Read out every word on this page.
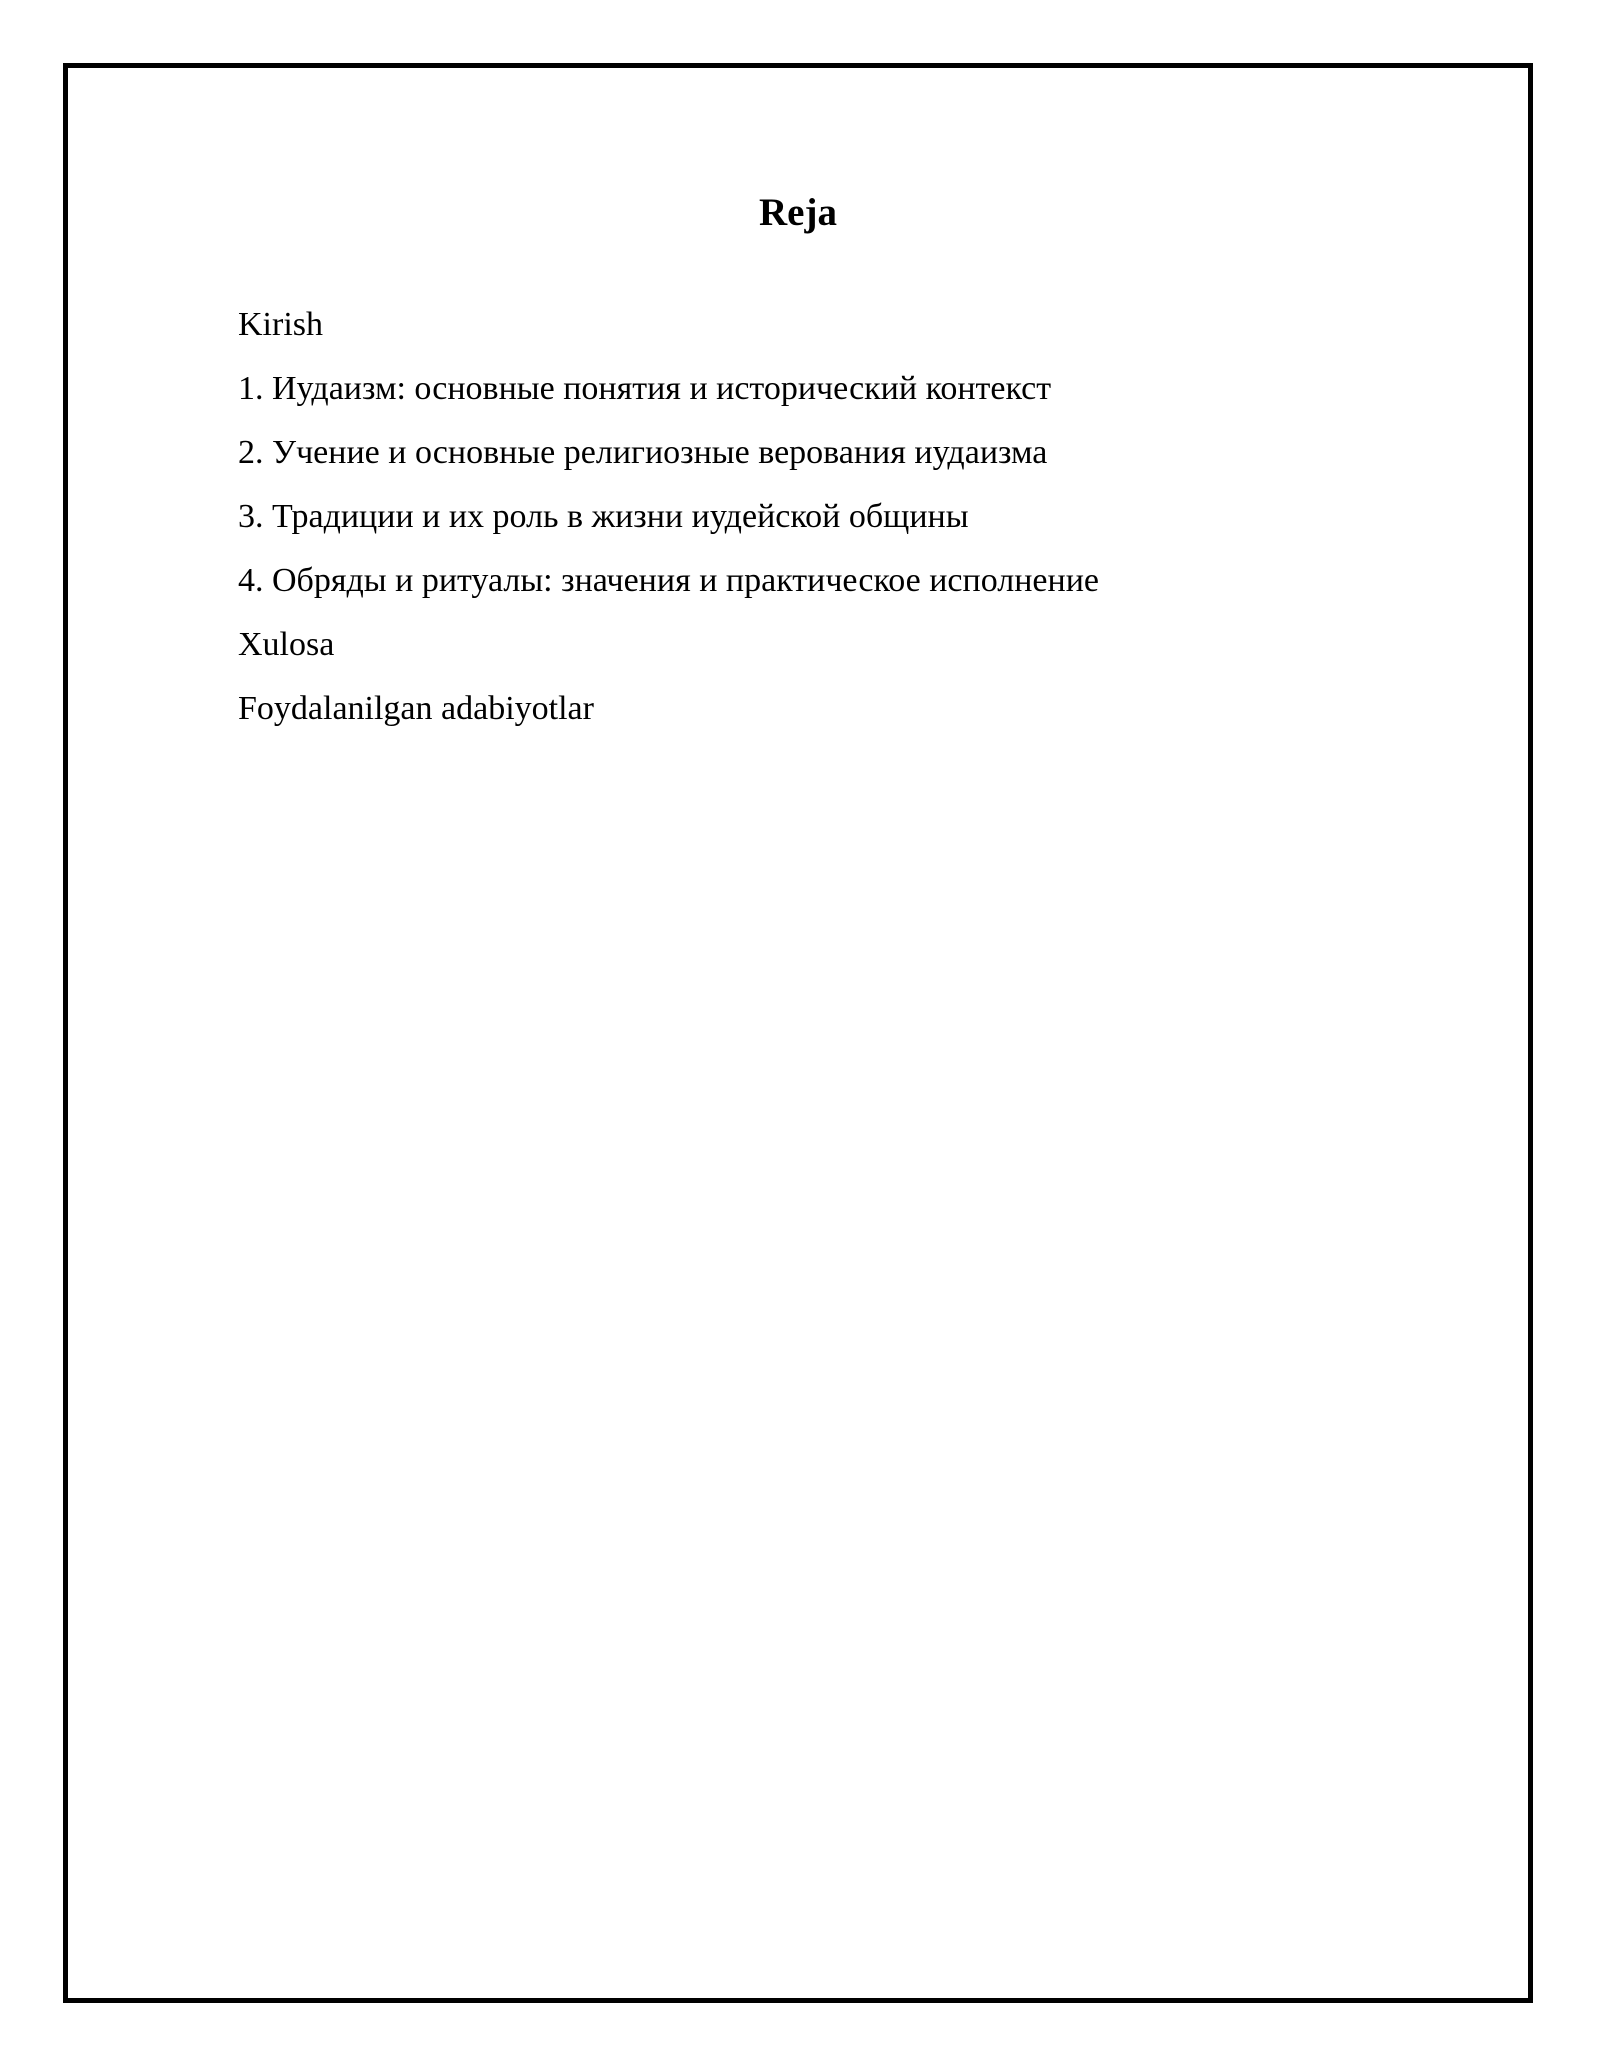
Reja
Kirish
1. Иудаизм: основные понятия и исторический контекст
2. Учение и основные религиозные верования иудаизма
3. Традиции и их роль в жизни иудейской общины
4. Обряды и ритуалы: значения и практическое исполнение
Xulosa
Foydalanilgan adabiyotlar
